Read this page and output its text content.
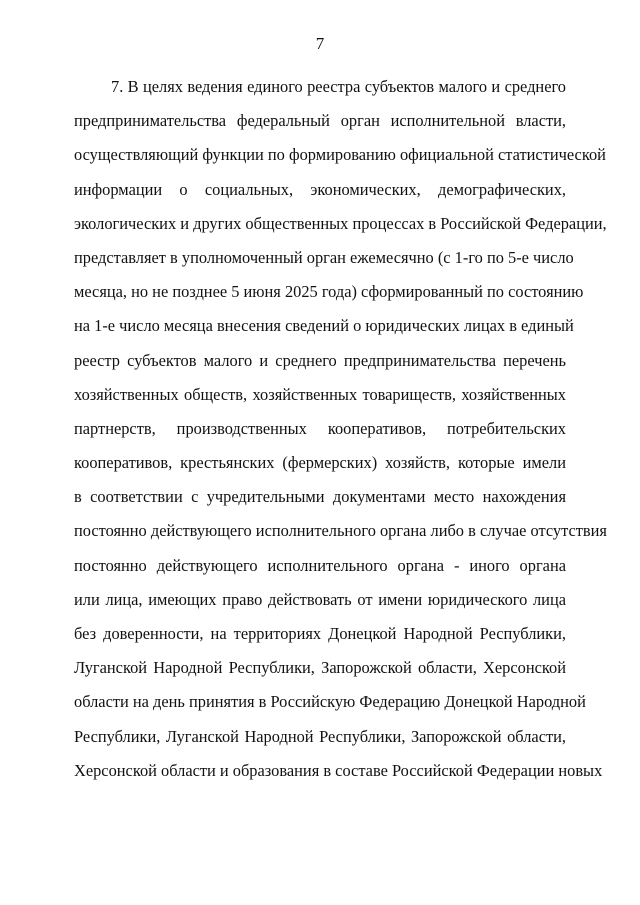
7
7. В целях ведения единого реестра субъектов малого и среднего
предпринимательства федеральный орган исполнительной власти,
осуществляющий функции по формированию официальной статистической
информации о социальных, экономических, демографических,
экологических и других общественных процессах в Российской Федерации,
представляет в уполномоченный орган ежемесячно (с 1-го по 5-е число
месяца, но не позднее 5 июня 2025 года) сформированный по состоянию
на 1-е число месяца внесения сведений о юридических лицах в единый
реестр субъектов малого и среднего предпринимательства перечень
хозяйственных обществ, хозяйственных товариществ, хозяйственных
партнерств, производственных кооперативов, потребительских
кооперативов, крестьянских (фермерских) хозяйств, которые имели
в соответствии с учредительными документами место нахождения
постоянно действующего исполнительного органа либо в случае отсутствия
постоянно действующего исполнительного органа - иного органа
или лица, имеющих право действовать от имени юридического лица
без доверенности, на территориях Донецкой Народной Республики,
Луганской Народной Республики, Запорожской области, Херсонской
области на день принятия в Российскую Федерацию Донецкой Народной
Республики, Луганской Народной Республики, Запорожской области,
Херсонской области и образования в составе Российской Федерации новых
